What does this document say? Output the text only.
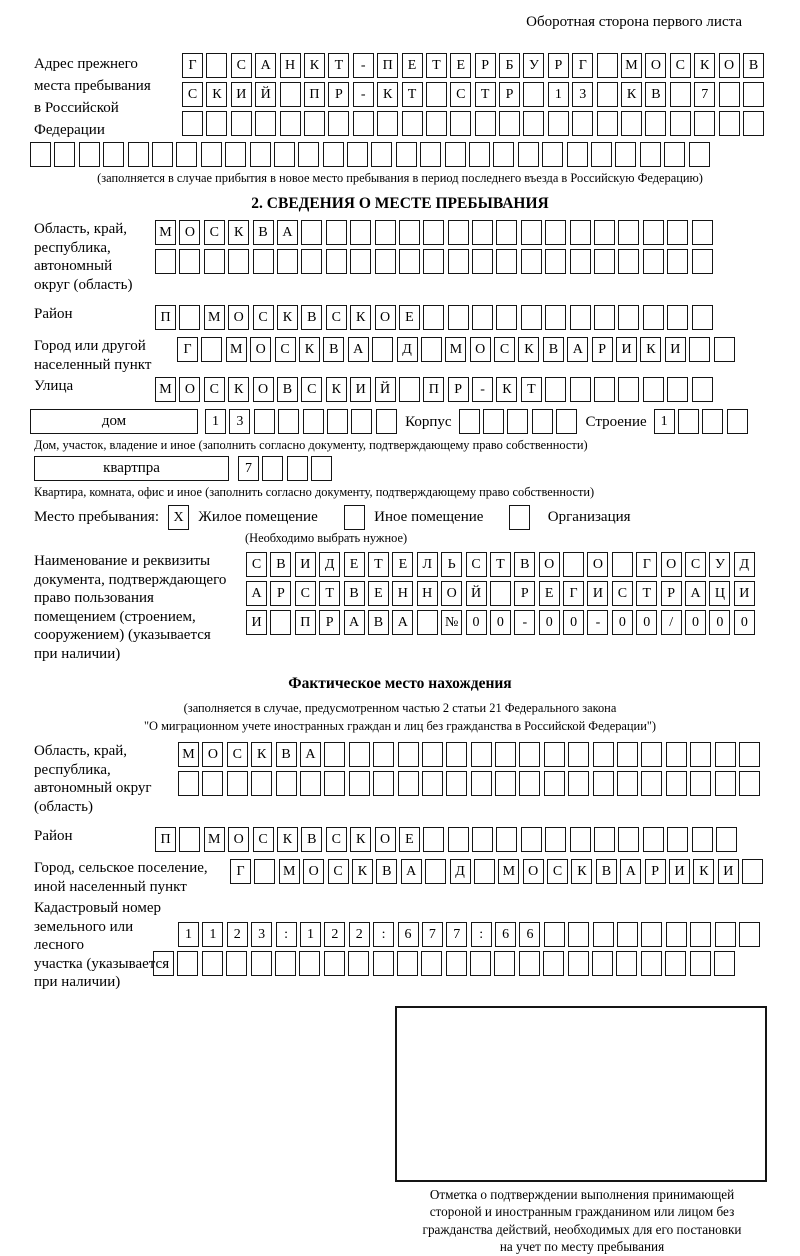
Оборотная сторона первого листа
Адрес прежнего
места пребывания
в Российской
Федерации
Г	С	А	Н	К	Т	-	П	Е	Т	Е	Р	Б	У	Р	Г	М О	С	К	О	В
С	К	И	Й	П	Р	-	К	Т	С	Т	Р	1	3	К	В	7
(заполняется в случае прибытия в новое место пребывания в период последнего въезда в Российскую Федерацию)
2. СВЕДЕНИЯ О МЕСТЕ ПРЕБЫВАНИЯ
Область, край,
республика,
автономный
округ (область)
М О	С	К	В	А
Район	П	М О	С	К	В	С	К	О	Е
Город или другой
населенный пункт
Г	М О	С	К	В	А	Д	М О	С	К	В	А	Р	И	К	И
Улица	М О	С	К	О	В	С	К	И	Й	П	Р	-	К	Т
дом	1	3	Корпус	Строение	1
Дом, участок, владение и иное (заполнить согласно документу, подтверждающему право собственности)
квартпра	7
Квартира, комната, офис и иное (заполнить согласно документу, подтверждающему право собственности)
Место пребывания:	X Жилое помещение	Иное помещение	Организация
(Необходимо выбрать нужное)
Наименование и реквизиты
документа, подтверждающего
право пользования
помещением (строением,
сооружением) (указывается
при наличии)
С	В	И	Д	Е	Т	Е	Л	Ь	С	Т	В	О	О	Г	О	С	У	Д
А	Р	С	Т	В	Е	Н	Н	О	Й	Р	Е	Г	И	С	Т	Р	А	Ц	И
И	П	Р	А	В	А	№	0	0	-	0	0	-	0	0	/	0	0	0
Фактическое место нахождения
(заполняется в случае, предусмотренном частью 2 статьи 21 Федерального закона
"О миграционном учете иностранных граждан и лиц без гражданства в Российской Федерации")
Область, край,
республика,
автономный округ
(область)
М О	С	К	В	А
Район	П	М О	С	К	В	С	К	О	Е
Город, сельское поселение,
иной населенный пункт
Г	М О	С	К	В	А	Д	М О	С	К	В	А	Р	И	К	И
Кадастровый номер
земельного или лесного
участка (указывается
при наличии)
1	1	2	3	:	1	2	2	:	6	7	7	:	6	6
Отметка о подтверждении выполнения принимающей
стороной и иностранным гражданином или лицом без
гражданства действий, необходимых для его постановки
на учет по месту пребывания
